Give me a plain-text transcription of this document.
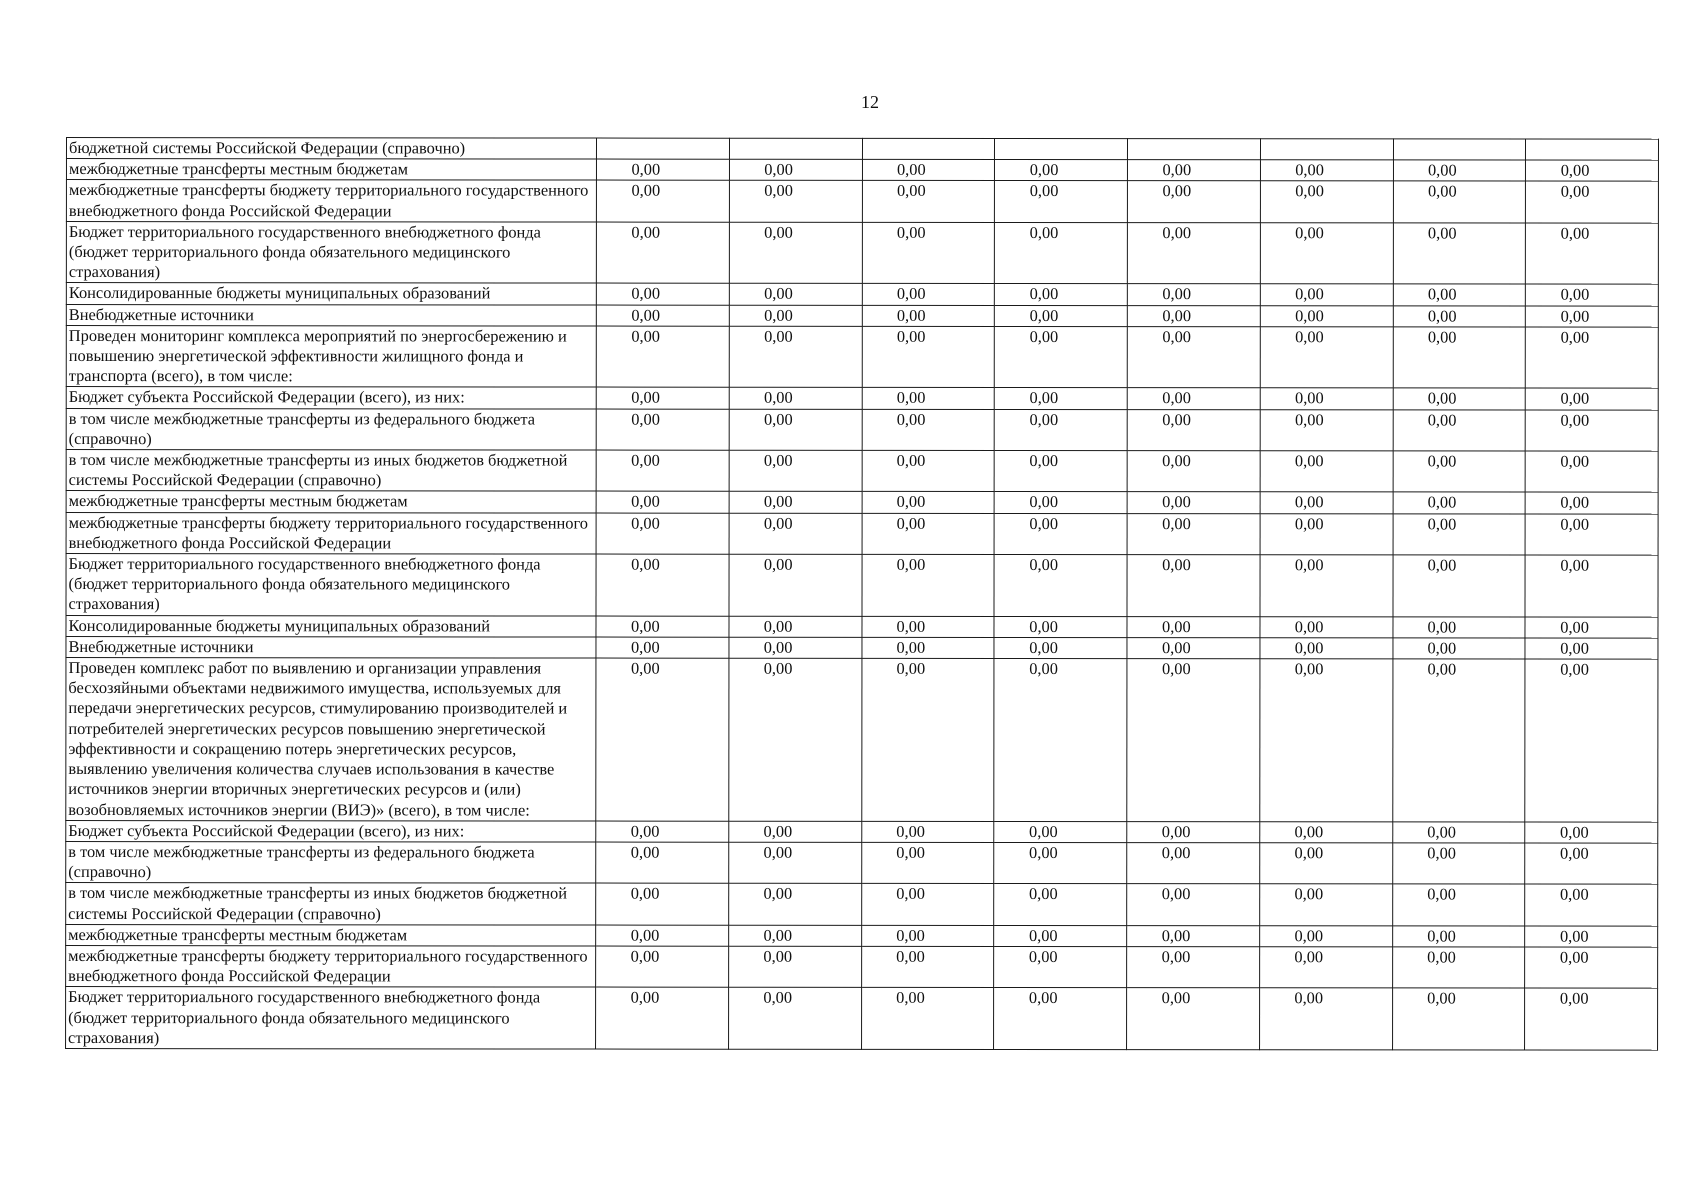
12
бюджетной системы Российской Федерации (справочно)								
межбюджетные трансферты местным бюджетам	0,00	0,00	0,00	0,00	0,00	0,00	0,00	0,00
межбюджетные трансферты бюджету территориального государственного внебюджетного фонда Российской Федерации	0,00	0,00	0,00	0,00	0,00	0,00	0,00	0,00
Бюджет территориального государственного внебюджетного фонда (бюджет территориального фонда обязательного медицинского страхования)	0,00	0,00	0,00	0,00	0,00	0,00	0,00	0,00
Консолидированные бюджеты муниципальных образований	0,00	0,00	0,00	0,00	0,00	0,00	0,00	0,00
Внебюджетные источники	0,00	0,00	0,00	0,00	0,00	0,00	0,00	0,00
Проведен мониторинг комплекса мероприятий по энергосбережению и повышению энергетической эффективности жилищного фонда и транспорта (всего), в том числе:	0,00	0,00	0,00	0,00	0,00	0,00	0,00	0,00
Бюджет субъекта Российской Федерации (всего), из них:	0,00	0,00	0,00	0,00	0,00	0,00	0,00	0,00
в том числе межбюджетные трансферты из федерального бюджета (справочно)	0,00	0,00	0,00	0,00	0,00	0,00	0,00	0,00
в том числе межбюджетные трансферты из иных бюджетов бюджетной системы Российской Федерации (справочно)	0,00	0,00	0,00	0,00	0,00	0,00	0,00	0,00
межбюджетные трансферты местным бюджетам	0,00	0,00	0,00	0,00	0,00	0,00	0,00	0,00
межбюджетные трансферты бюджету территориального государственного внебюджетного фонда Российской Федерации	0,00	0,00	0,00	0,00	0,00	0,00	0,00	0,00
Бюджет территориального государственного внебюджетного фонда (бюджет территориального фонда обязательного медицинского страхования)	0,00	0,00	0,00	0,00	0,00	0,00	0,00	0,00
Консолидированные бюджеты муниципальных образований	0,00	0,00	0,00	0,00	0,00	0,00	0,00	0,00
Внебюджетные источники	0,00	0,00	0,00	0,00	0,00	0,00	0,00	0,00
Проведен комплекс работ по выявлению и организации управления бесхозяйными объектами недвижимого имущества, используемых для передачи энергетических ресурсов, стимулированию производителей и потребителей энергетических ресурсов повышению энергетической эффективности и сокращению потерь энергетических ресурсов, выявлению увеличения количества случаев использования в качестве источников энергии вторичных энергетических ресурсов и (или) возобновляемых источников энергии (ВИЭ)» (всего), в том числе:	0,00	0,00	0,00	0,00	0,00	0,00	0,00	0,00
Бюджет субъекта Российской Федерации (всего), из них:	0,00	0,00	0,00	0,00	0,00	0,00	0,00	0,00
в том числе межбюджетные трансферты из федерального бюджета (справочно)	0,00	0,00	0,00	0,00	0,00	0,00	0,00	0,00
в том числе межбюджетные трансферты из иных бюджетов бюджетной системы Российской Федерации (справочно)	0,00	0,00	0,00	0,00	0,00	0,00	0,00	0,00
межбюджетные трансферты местным бюджетам	0,00	0,00	0,00	0,00	0,00	0,00	0,00	0,00
межбюджетные трансферты бюджету территориального государственного внебюджетного фонда Российской Федерации	0,00	0,00	0,00	0,00	0,00	0,00	0,00	0,00
Бюджет территориального государственного внебюджетного фонда (бюджет территориального фонда обязательного медицинского страхования)	0,00	0,00	0,00	0,00	0,00	0,00	0,00	0,00
